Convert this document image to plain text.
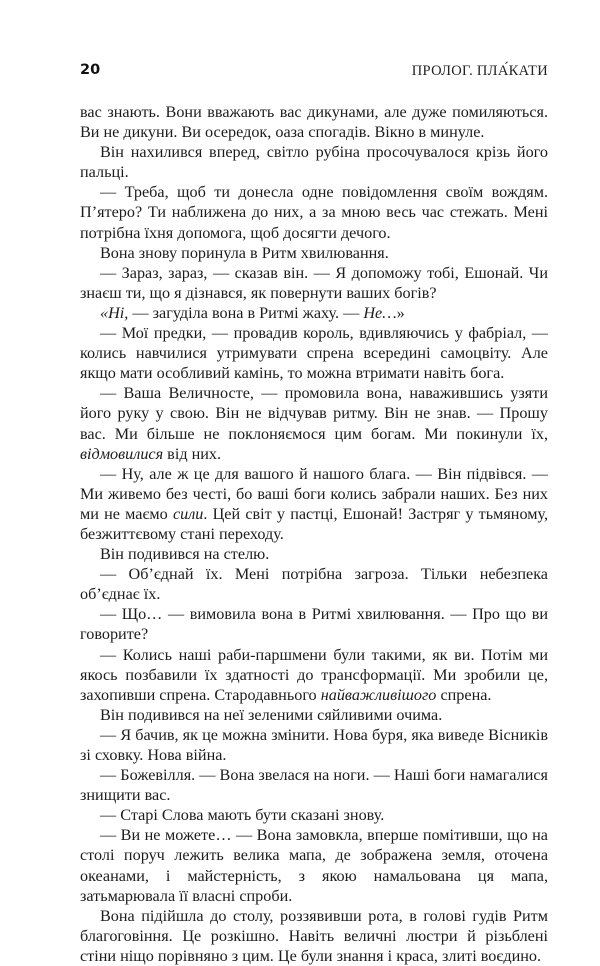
20	ПРОЛОГ. ПЛА́КАТИ

вас знають. Вони вважають вас дикунами, але дуже помиляються. Ви не дикуни. Ви осередок, оаза спогадів. Вікно в минуле.

Він нахилився вперед, світло рубіна просочувалося крізь його пальці.

— Треба, щоб ти донесла одне повідомлення своїм вождям. П’ятеро? Ти наближена до них, а за мною весь час стежать. Мені потрібна їхня допомога, щоб досягти дечого.

Вона знову поринула в Ритм хвилювання.

— Зараз, зараз, — сказав він. — Я допоможу тобі, Ешонай. Чи знаєш ти, що я дізнався, як повернути ваших богів?

«Ні, — загуділа вона в Ритмі жаху. — Не…»

— Мої предки, — провадив король, вдивляючись у фабріал, — колись навчилися утримувати спрена всередині самоцвіту. Але якщо мати особливий камінь, то можна втримати навіть бога.

— Ваша Величносте, — промовила вона, наважившись узяти його руку у свою. Він не відчував ритму. Він не знав. — Прошу вас. Ми більше не поклоняємося цим богам. Ми покинули їх, відмовилися від них.

— Ну, але ж це для вашого й нашого блага. — Він підвівся. — Ми живемо без честі, бо ваші боги колись забрали наших. Без них ми не маємо сили. Цей світ у пастці, Ешонай! Застряг у тьмяному, безжиттєвому стані переходу.

Він подивився на стелю.

— Об’єднай їх. Мені потрібна загроза. Тільки небезпека об’єднає їх.

— Що… — вимовила вона в Ритмі хвилювання. — Про що ви говорите?

— Колись наші раби-паршмени були такими, як ви. Потім ми якось позбавили їх здатності до трансформації. Ми зробили це, захопивши спрена. Стародавнього найважливішого спрена.

Він подивився на неї зеленими сяйливими очима.

— Я бачив, як це можна змінити. Нова буря, яка виведе Вісників зі сховку. Нова війна.

— Божевілля. — Вона звелася на ноги. — Наші боги намагалися знищити вас.

— Старі Слова мають бути сказані знову.

— Ви не можете… — Вона замовкла, вперше помітивши, що на столі поруч лежить велика мапа, де зображена земля, оточена океанами, і майстерність, з якою намальована ця мапа, затьмарювала її власні спроби.

Вона підійшла до столу, роззявивши рота, в голові гудів Ритм благоговіння. Це розкішно. Навіть величні люстри й різьблені стіни ніщо порівняно з цим. Це були знання і краса, злиті воєдино.
